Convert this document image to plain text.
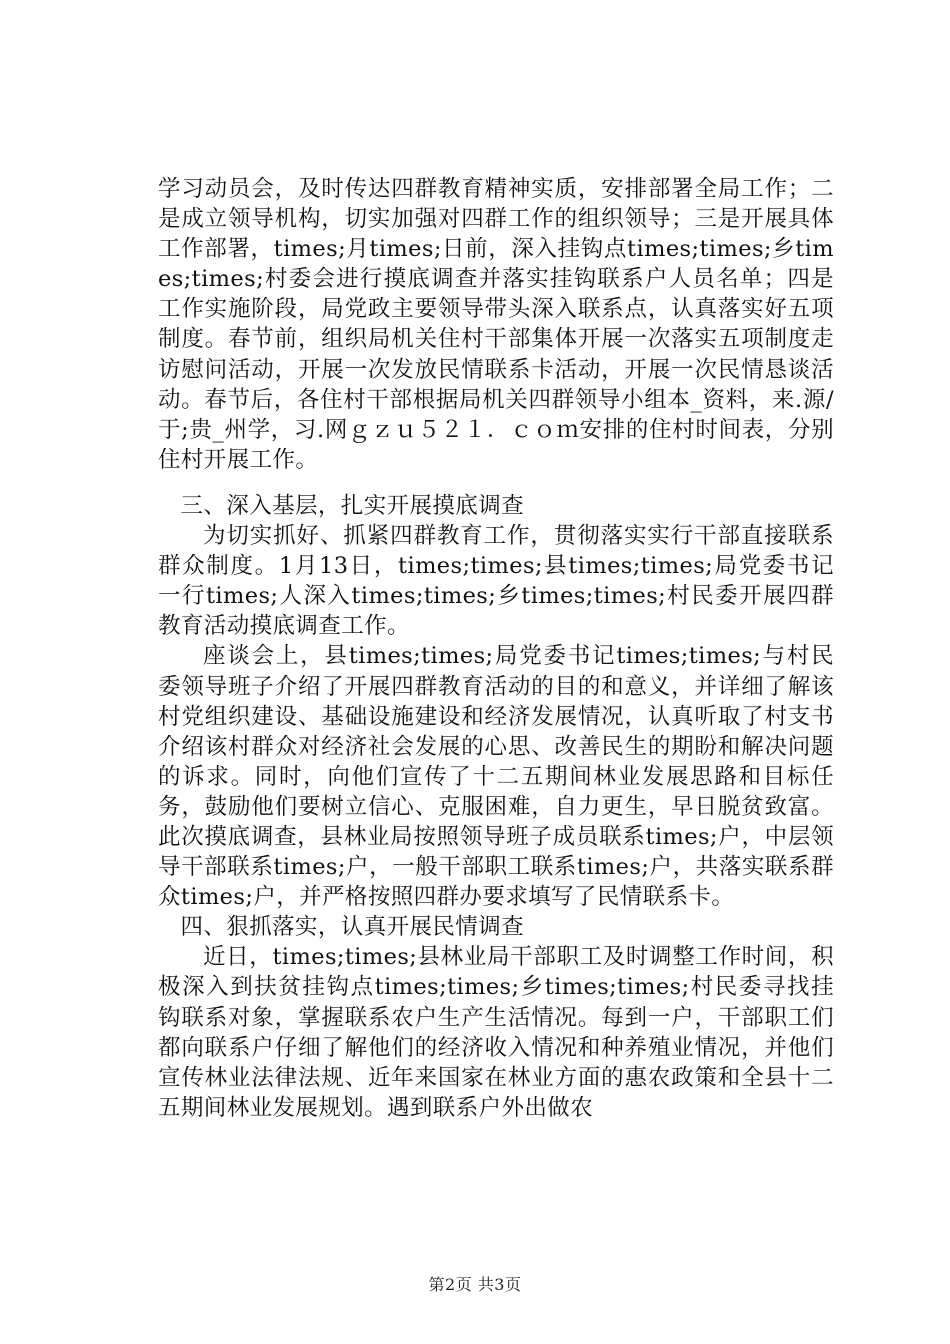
学习动员会，及时传达四群教育精神实质，安排部署全局工作；二是成立领导机构，切实加强对四群工作的组织领导；三是开展具体工作部署，times;月times;日前，深入挂钩点times;times;乡times;times;村委会进行摸底调查并落实挂钩联系户人员名单；四是工作实施阶段，局党政主要领导带头深入联系点，认真落实好五项制度。春节前，组织局机关住村干部集体开展一次落实五项制度走访慰问活动，开展一次发放民情联系卡活动，开展一次民情恳谈活动。春节后，各住村干部根据局机关四群领导小组本_资料，来.源/于;贵_州学，习.网ｇｚｕ５２１．ｃｏｍ安排的住村时间表，分别住村开展工作。

三、深入基层，扎实开展摸底调查

为切实抓好、抓紧四群教育工作，贯彻落实实行干部直接联系群众制度。1月13日，times;times;县times;times;局党委书记一行times;人深入times;times;乡times;times;村民委开展四群教育活动摸底调查工作。

座谈会上，县times;times;局党委书记times;times;与村民委领导班子介绍了开展四群教育活动的目的和意义，并详细了解该村党组织建设、基础设施建设和经济发展情况，认真听取了村支书介绍该村群众对经济社会发展的心思、改善民生的期盼和解决问题的诉求。同时，向他们宣传了十二五期间林业发展思路和目标任务，鼓励他们要树立信心、克服困难，自力更生，早日脱贫致富。此次摸底调查，县林业局按照领导班子成员联系times;户，中层领导干部联系times;户，一般干部职工联系times;户，共落实联系群众times;户，并严格按照四群办要求填写了民情联系卡。

四、狠抓落实，认真开展民情调查

近日，times;times;县林业局干部职工及时调整工作时间，积极深入到扶贫挂钩点times;times;乡times;times;村民委寻找挂钩联系对象，掌握联系农户生产生活情况。每到一户，干部职工们都向联系户仔细了解他们的经济收入情况和种养殖业情况，并他们宣传林业法律法规、近年来国家在林业方面的惠农政策和全县十二五期间林业发展规划。遇到联系户外出做农

第2页 共3页
